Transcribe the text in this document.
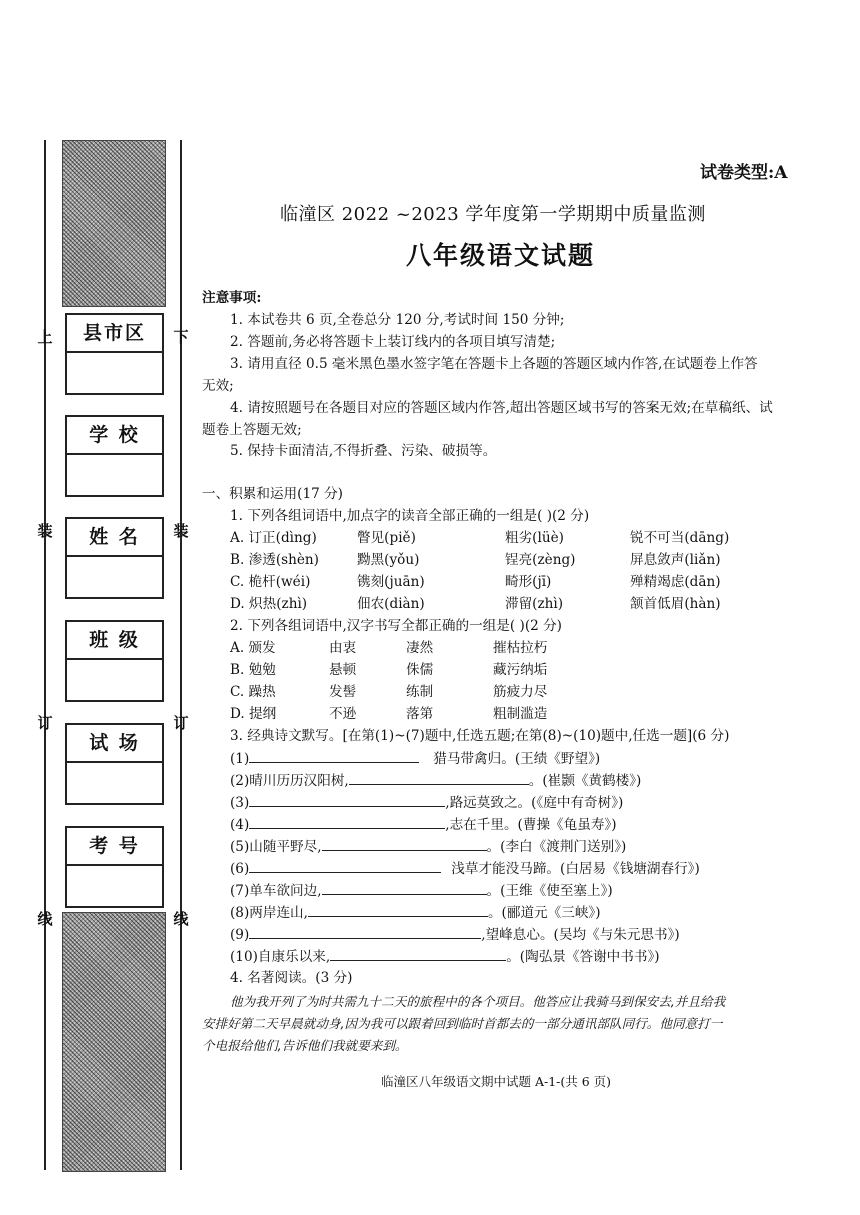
上	下
装	装
订	订
线	线
县市区
学 校
姓 名
班 级
试 场
考 号
试卷类型:A
临潼区 2022 ~2023 学年度第一学期期中质量监测
八年级语文试题
注意事项:
1. 本试卷共 6 页,全卷总分 120 分,考试时间 150 分钟;
2. 答题前,务必将答题卡上装订线内的各项目填写清楚;
3. 请用直径 0.5 毫米黑色墨水签字笔在答题卡上各题的答题区域内作答,在试题卷上作答
无效;
4. 请按照题号在各题目对应的答题区域内作答,超出答题区域书写的答案无效;在草稿纸、试
题卷上答题无效;
5. 保持卡面清洁,不得折叠、污染、破损等。
一、积累和运用(17 分)
1. 下列各组词语中,加点字的读音全部正确的一组是( )(2 分)
A. 订正(dìng)	瞥见(piě)	粗劣(lüè)	锐不可当(dāng)
B. 渗透(shèn)	黝黑(yǒu)	锃亮(zèng)	屏息敛声(liǎn)
C. 桅杆(wéi)	镌刻(juān)	畸形(jī)	殚精竭虑(dān)
D. 炽热(zhì)	佃农(diàn)	滞留(zhì)	颔首低眉(hàn)
2. 下列各组词语中,汉字书写全都正确的一组是( )(2 分)
A. 颁发	由衷	凄然	摧枯拉朽
B. 勉勉	悬顿	侏儒	藏污纳垢
C. 躁热	发髻	练制	筋疲力尽
D. 提纲	不逊	落第	粗制滥造
3. 经典诗文默写。[在第(1)~(7)题中,任选五题;在第(8)~(10)题中,任选一题](6 分)
(1)	猎马带禽归。(王绩《野望》)
(2)晴川历历汉阳树,	。(崔颢《黄鹤楼》)
(3)	,路远莫致之。(《庭中有奇树》)
(4)	,志在千里。(曹操《龟虽寿》)
(5)山随平野尽,	。(李白《渡荆门送别》)
(6)	浅草才能没马蹄。(白居易《钱塘湖春行》)
(7)单车欲问边,	。(王维《使至塞上》)
(8)两岸连山,	。(郦道元《三峡》)
(9)	,望峰息心。(吴均《与朱元思书》)
(10)自康乐以来,	。(陶弘景《答谢中书书》)
4. 名著阅读。(3 分)
他为我开列了为时共需九十二天的旅程中的各个项目。他答应让我骑马到保安去,并且给我
安排好第二天早晨就动身,因为我可以跟着回到临时首都去的一部分通讯部队同行。他同意打一
个电报给他们,告诉他们我就要来到。
临潼区八年级语文期中试题 A-1-(共 6 页)
